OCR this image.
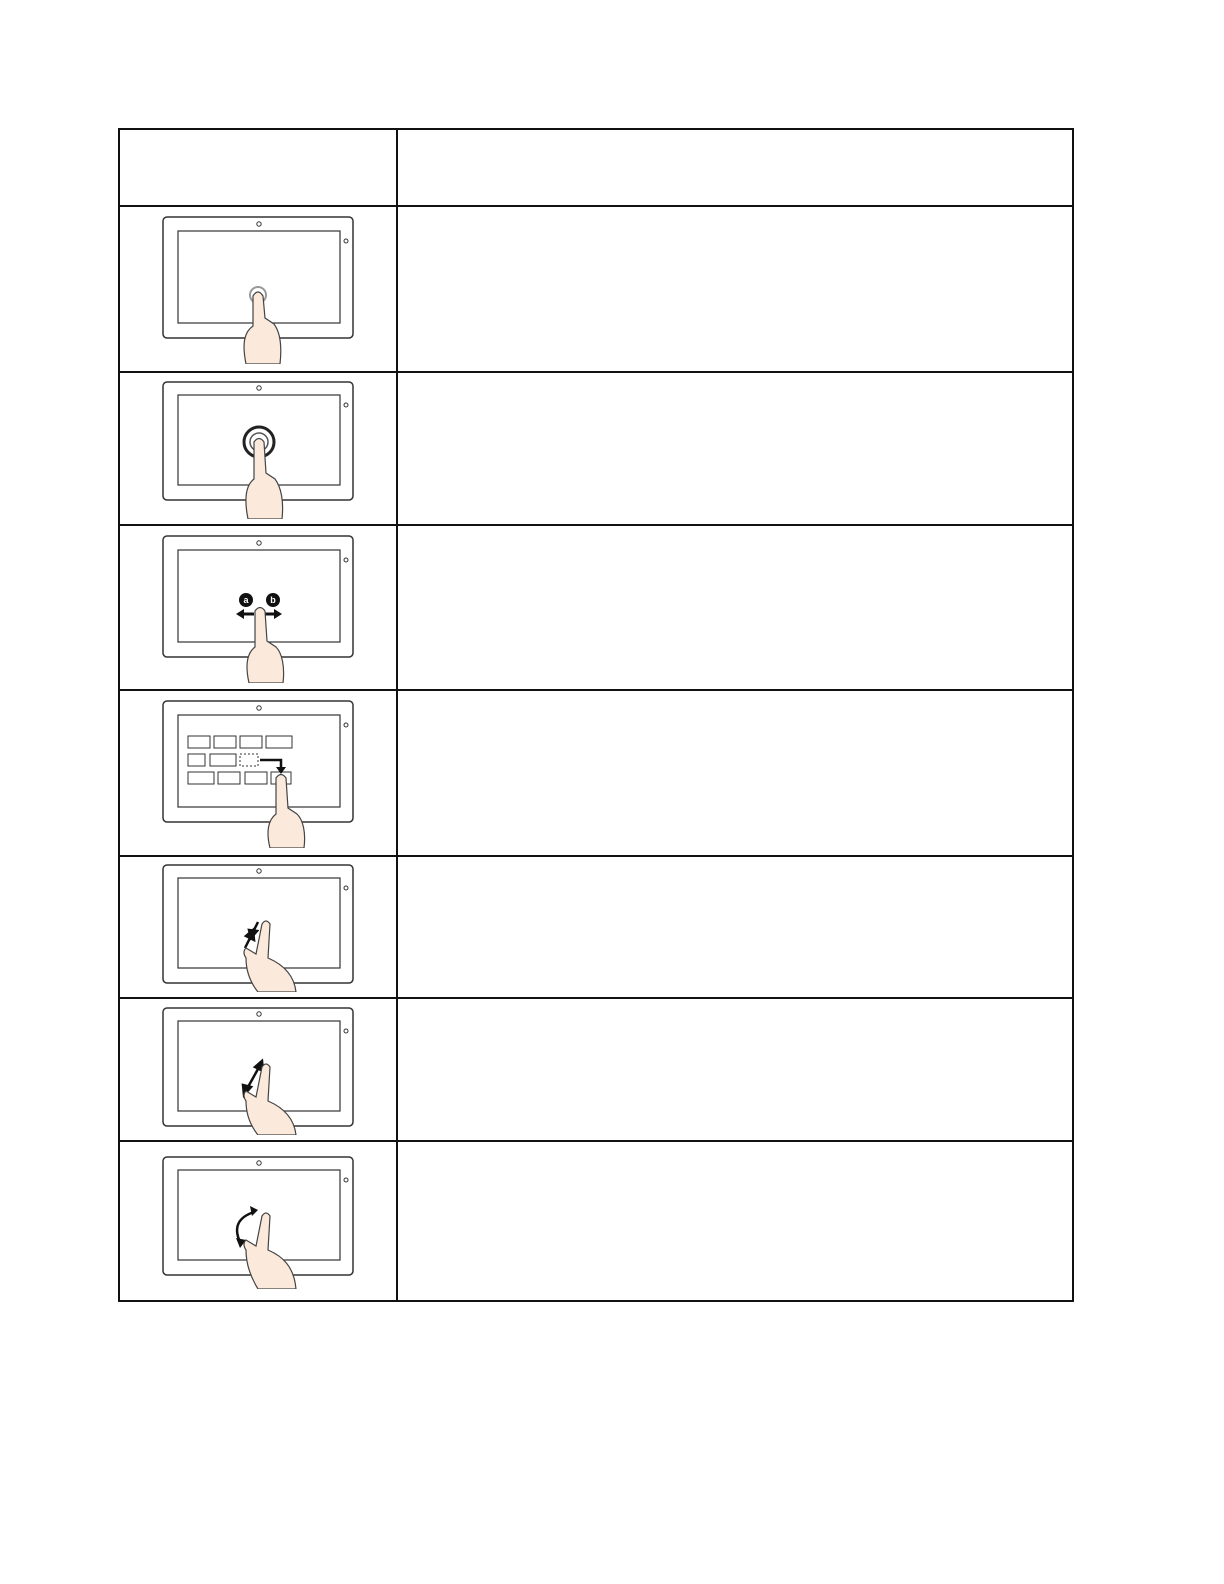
a b	
